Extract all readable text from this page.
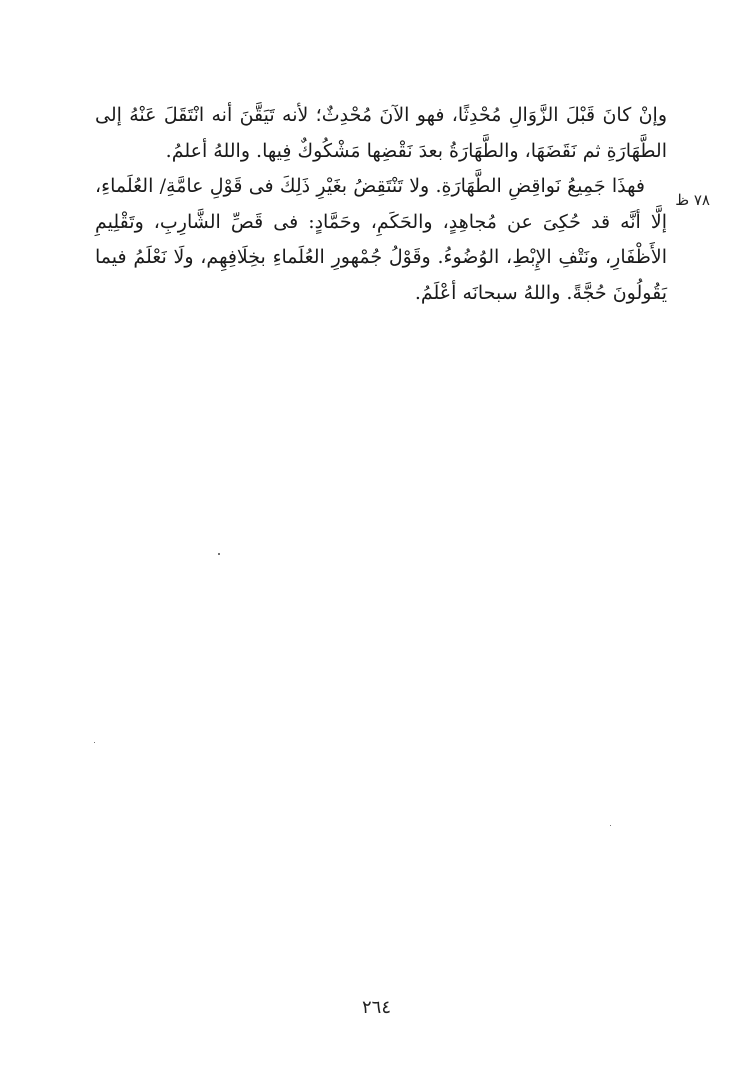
وإنْ كانَ قَبْلَ الزَّوَالِ مُحْدِثًا، فهو الآنَ مُحْدِثٌ؛ لأنه تَيَقَّنَ أنه انْتَقَلَ عَنْهُ إلى الطَّهَارَةِ ثم نَقَضَهَا، والطَّهَارَةُ بعدَ نَقْضِها مَشْكُوكٌ فِيها. واللهُ أعلمُ.

فهذَا جَمِيعُ نَواقِضِ الطَّهَارَةِ. ولا تَنْتَقِضُ بغَيْرِ ذَلِكَ فى قَوْلِ عامَّةِ/ العُلَماءِ، إلَّا أنَّه قد حُكِىَ عن مُجاهِدٍ، والحَكَمِ، وحَمَّادٍ: فى قَصِّ الشَّارِبِ، وتَقْلِيمِ الأَظْفَارِ، ونَتْفِ الإِبْطِ، الوُضُوءُ. وقَوْلُ جُمْهورِ العُلَماءِ بخِلَافِهِم، ولَا نَعْلَمُ فيما يَقُولُونَ حُجَّةً. واللهُ سبحانَه أعْلَمُ.

٧٨ ظ
٢٦٤
